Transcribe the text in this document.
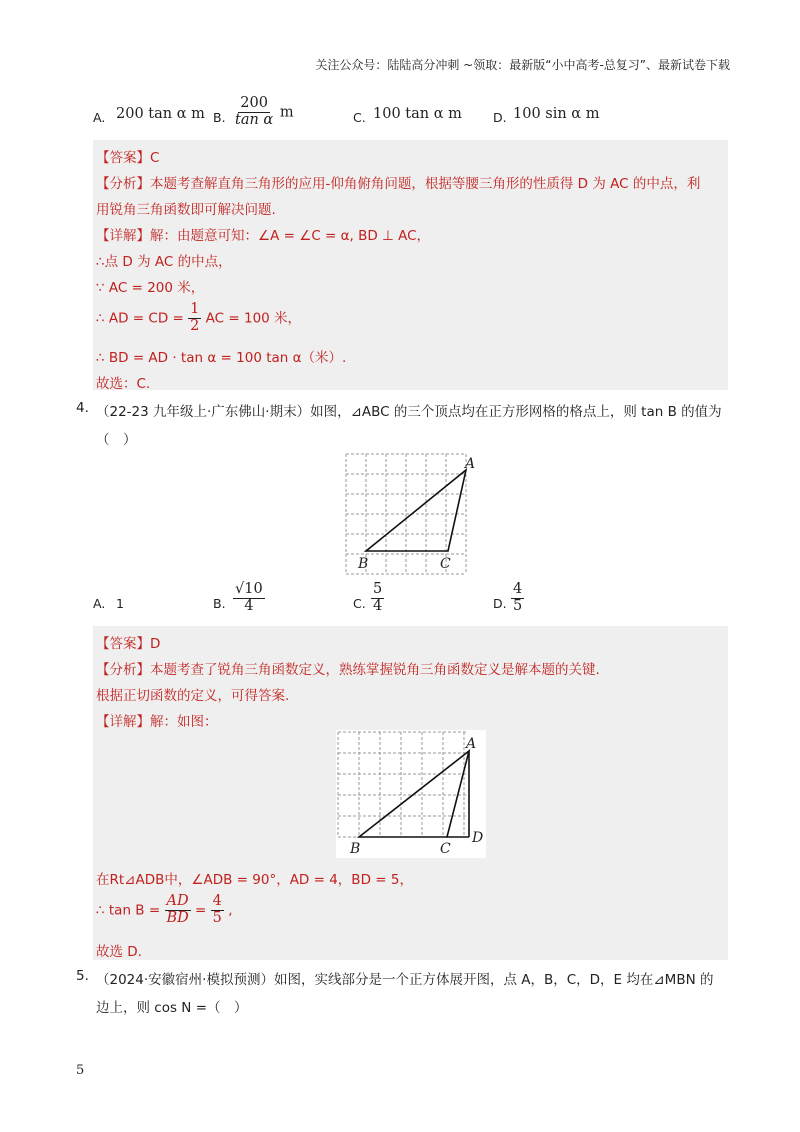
关注公众号：陆陆高分冲刺 ~领取：最新版“小中高考-总复习”、最新试卷下载
A. 200 tan α m B. $\frac{200}{\text{tan α}}$ m	C. 100 tan α m D. 100 sin α m
【答案】C
【分析】本题考查解直角三角形的应用-仰角俯角问题，根据等腰三角形的性质得 D 为 AC 的中点，利
用锐角三角函数即可解决问题.
【详解】解：由题意可知：∠A = ∠C = α, BD ⊥ AC，
∴点 D 为 AC 的中点，
∵ AC = 200 米，
∴ AD = CD = $\frac{1}{2}$ AC = 100 米，
∴ BD = AD · tan α = 100 tan α（米）.
故选：C.
4. （22-23 九年级上·广东佛山·期末）如图，⊿ABC 的三个顶点均在正方形网格的格点上，则 tan B 的值为
（　）
A
B	C
A. 1	B. $\frac{√10}{4}$	C. $\frac{5}{4}$	D. $\frac{4}{5}$
【答案】D
【分析】本题考查了锐角三角函数定义，熟练掌握锐角三角函数定义是解本题的关键.
根据正切函数的定义，可得答案.
【详解】解：如图：
A
B	C
D
在Rt⊿ADB中，∠ADB = 90°，AD = 4，BD = 5，
∴ $\tan B = \frac{AD}{BD} = \frac{4}{5}$ ,
故选 D.
5. （2024·安徽宿州·模拟预测）如图，实线部分是一个正方体展开图，点 A，B，C，D，E 均在⊿MBN 的
边上，则 cos N =（　）
5
